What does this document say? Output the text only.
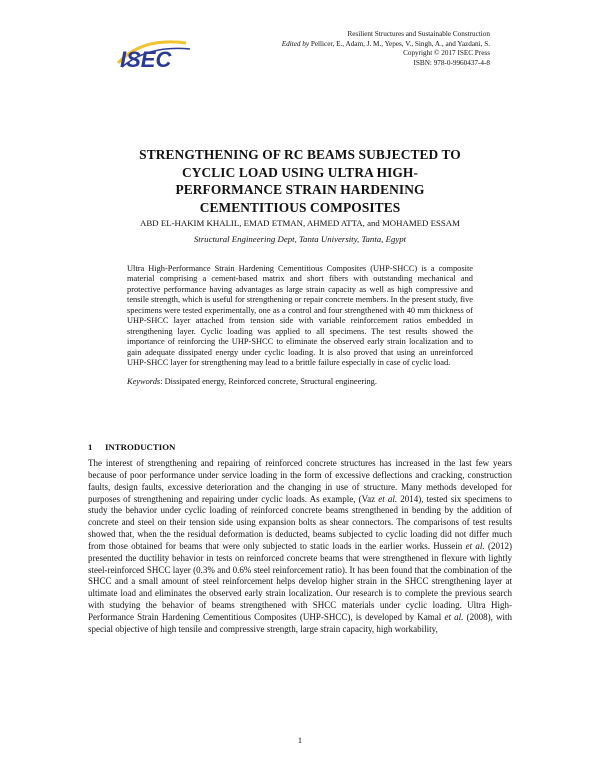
ISEC
Resilient Structures and Sustainable Construction
Edited by Pellicer, E., Adam, J. M., Yepes, V., Singh, A., and Yazdani, S.
Copyright © 2017 ISEC Press
ISBN: 978-0-9960437-4-8
STRENGTHENING OF RC BEAMS SUBJECTED TO
CYCLIC LOAD USING ULTRA HIGH-
PERFORMANCE STRAIN HARDENING
CEMENTITIOUS COMPOSITES
ABD EL-HAKIM KHALIL, EMAD ETMAN, AHMED ATTA, and MOHAMED ESSAM
Structural Engineering Dept, Tanta University, Tanta, Egypt

Ultra High-Performance Strain Hardening Cementitious Composites (UHP-SHCC) is a composite material comprising a cement-based matrix and short fibers with outstanding mechanical and protective performance having advantages as large strain capacity as well as high compressive and tensile strength, which is useful for strengthening or repair concrete members. In the present study, five specimens were tested experimentally, one as a control and four strengthened with 40 mm thickness of UHP-SHCC layer attached from tension side with variable reinforcement ratios embedded in strengthening layer. Cyclic loading was applied to all specimens. The test results showed the importance of reinforcing the UHP-SHCC to eliminate the observed early strain localization and to gain adequate dissipated energy under cyclic loading. It is also proved that using an unreinforced UHP-SHCC layer for strengthening may lead to a brittle failure especially in case of cyclic load.

Keywords: Dissipated energy, Reinforced concrete, Structural engineering.

1 INTRODUCTION

The interest of strengthening and repairing of reinforced concrete structures has increased in the last few years because of poor performance under service loading in the form of excessive deflections and cracking, construction faults, design faults, excessive deterioration and the changing in use of structure. Many methods developed for purposes of strengthening and repairing under cyclic loads. As example, (Vaz et al. 2014), tested six specimens to study the behavior under cyclic loading of reinforced concrete beams strengthened in bending by the addition of concrete and steel on their tension side using expansion bolts as shear connectors. The comparisons of test results showed that, when the the residual deformation is deducted, beams subjected to cyclic loading did not differ much from those obtained for beams that were only subjected to static loads in the earlier works. Hussein et al. (2012) presented the ductility behavior in tests on reinforced concrete beams that were strengthened in flexure with lightly steel-reinforced SHCC layer (0.3% and 0.6% steel reinforcement ratio). It has been found that the combination of the SHCC and a small amount of steel reinforcement helps develop higher strain in the SHCC strengthening layer at ultimate load and eliminates the observed early strain localization. Our research is to complete the previous search with studying the behavior of beams strengthened with SHCC materials under cyclic loading. Ultra High-Performance Strain Hardening Cementitious Composites (UHP-SHCC), is developed by Kamal et al. (2008), with special objective of high tensile and compressive strength, large strain capacity, high workability,

1
